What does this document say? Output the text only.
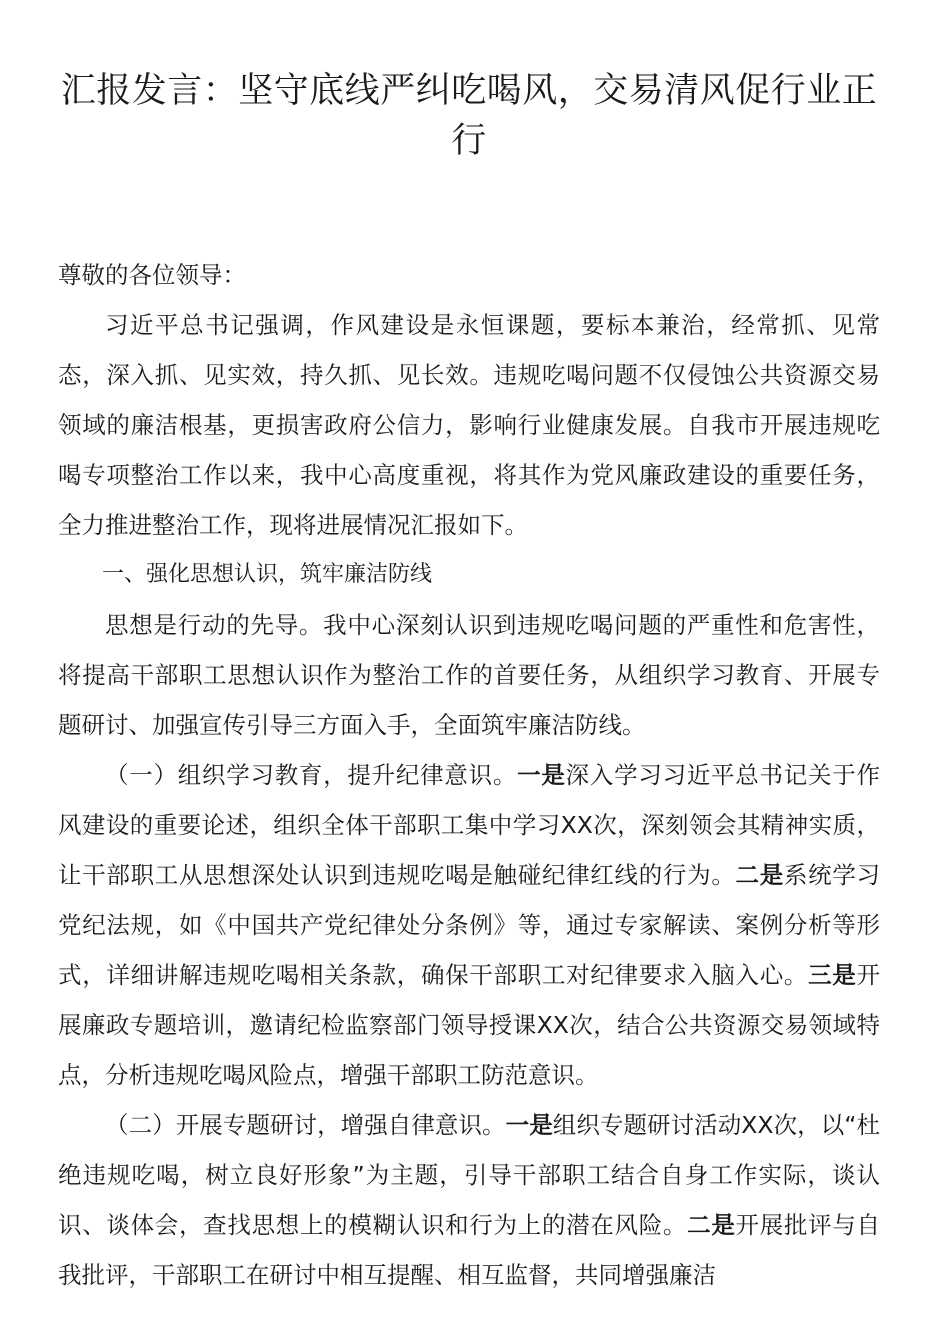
汇报发言：坚守底线严纠吃喝风，交易清风促行业正行

尊敬的各位领导：

习近平总书记强调，作风建设是永恒课题，要标本兼治，经常抓、见常态，深入抓、见实效，持久抓、见长效。违规吃喝问题不仅侵蚀公共资源交易领域的廉洁根基，更损害政府公信力，影响行业健康发展。自我市开展违规吃喝专项整治工作以来，我中心高度重视，将其作为党风廉政建设的重要任务，全力推进整治工作，现将进展情况汇报如下。

一、强化思想认识，筑牢廉洁防线

思想是行动的先导。我中心深刻认识到违规吃喝问题的严重性和危害性，将提高干部职工思想认识作为整治工作的首要任务，从组织学习教育、开展专题研讨、加强宣传引导三方面入手，全面筑牢廉洁防线。

（一）组织学习教育，提升纪律意识。一是深入学习习近平总书记关于作风建设的重要论述，组织全体干部职工集中学习XX次，深刻领会其精神实质，让干部职工从思想深处认识到违规吃喝是触碰纪律红线的行为。二是系统学习党纪法规，如《中国共产党纪律处分条例》等，通过专家解读、案例分析等形式，详细讲解违规吃喝相关条款，确保干部职工对纪律要求入脑入心。三是开展廉政专题培训，邀请纪检监察部门领导授课XX次，结合公共资源交易领域特点，分析违规吃喝风险点，增强干部职工防范意识。

（二）开展专题研讨，增强自律意识。一是组织专题研讨活动XX次，以“杜绝违规吃喝，树立良好形象”为主题，引导干部职工结合自身工作实际，谈认识、谈体会，查找思想上的模糊认识和行为上的潜在风险。二是开展批评与自我批评，干部职工在研讨中相互提醒、相互监督，共同增强廉洁
